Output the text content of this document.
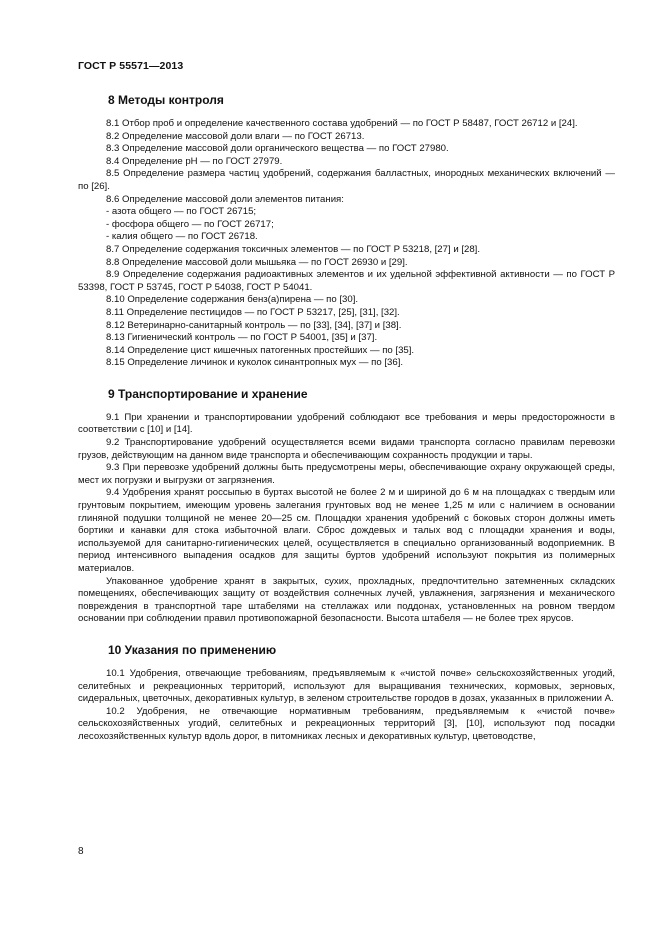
ГОСТ Р 55571—2013
8 Методы контроля

8.1 Отбор проб и определение качественного состава удобрений — по ГОСТ Р 58487, ГОСТ 26712 и [24].

8.2 Определение массовой доли влаги — по ГОСТ 26713.

8.3 Определение массовой доли органического вещества — по ГОСТ 27980.

8.4 Определение рН — по ГОСТ 27979.

8.5 Определение размера частиц удобрений, содержания балластных, инородных механических включений — по [26].

8.6 Определение массовой доли элементов питания:

- азота общего — по ГОСТ 26715;

- фосфора общего — по ГОСТ 26717;

- калия общего — по ГОСТ 26718.

8.7 Определение содержания токсичных элементов — по ГОСТ Р 53218, [27] и [28].

8.8 Определение массовой доли мышьяка — по ГОСТ 26930 и [29].

8.9 Определение содержания радиоактивных элементов и их удельной эффективной активности — по ГОСТ Р 53398, ГОСТ Р 53745, ГОСТ Р 54038, ГОСТ Р 54041.

8.10 Определение содержания бенз(а)пирена — по [30].

8.11 Определение пестицидов — по ГОСТ Р 53217, [25], [31], [32].

8.12 Ветеринарно-санитарный контроль — по [33], [34], [37] и [38].

8.13 Гигиенический контроль — по ГОСТ Р 54001, [35] и [37].

8.14 Определение цист кишечных патогенных простейших — по [35].

8.15 Определение личинок и куколок синантропных мух — по [36].

9 Транспортирование и хранение

9.1 При хранении и транспортировании удобрений соблюдают все требования и меры предосторожности в соответствии с [10] и [14].

9.2 Транспортирование удобрений осуществляется всеми видами транспорта согласно правилам перевозки грузов, действующим на данном виде транспорта и обеспечивающим сохранность продукции и тары.

9.3 При перевозке удобрений должны быть предусмотрены меры, обеспечивающие охрану окружающей среды, мест их погрузки и выгрузки от загрязнения.

9.4 Удобрения хранят россыпью в буртах высотой не более 2 м и шириной до 6 м на площадках с твердым или грунтовым покрытием, имеющим уровень залегания грунтовых вод не менее 1,25 м или с наличием в основании глиняной подушки толщиной не менее 20—25 см. Площадки хранения удобрений с боковых сторон должны иметь бортики и канавки для стока избыточной влаги. Сброс дождевых и талых вод с площадки хранения и воды, используемой для санитарно-гигиенических целей, осуществляется в специально организованный водоприемник. В период интенсивного выпадения осадков для защиты буртов удобрений используют покрытия из полимерных материалов.

Упакованное удобрение хранят в закрытых, сухих, прохладных, предпочтительно затемненных складских помещениях, обеспечивающих защиту от воздействия солнечных лучей, увлажнения, загрязнения и механического повреждения в транспортной таре штабелями на стеллажах или поддонах, установленных на ровном твердом основании при соблюдении правил противопожарной безопасности. Высота штабеля — не более трех ярусов.

10 Указания по применению

10.1 Удобрения, отвечающие требованиям, предъявляемым к «чистой почве» сельскохозяйственных угодий, селитебных и рекреационных территорий, используют для выращивания технических, кормовых, зерновых, сидеральных, цветочных, декоративных культур, в зеленом строительстве городов в дозах, указанных в приложении А.

10.2 Удобрения, не отвечающие нормативным требованиям, предъявляемым к «чистой почве» сельскохозяйственных угодий, селитебных и рекреационных территорий [3], [10], используют под посадки лесохозяйственных культур вдоль дорог, в питомниках лесных и декоративных культур, цветоводстве,

8
